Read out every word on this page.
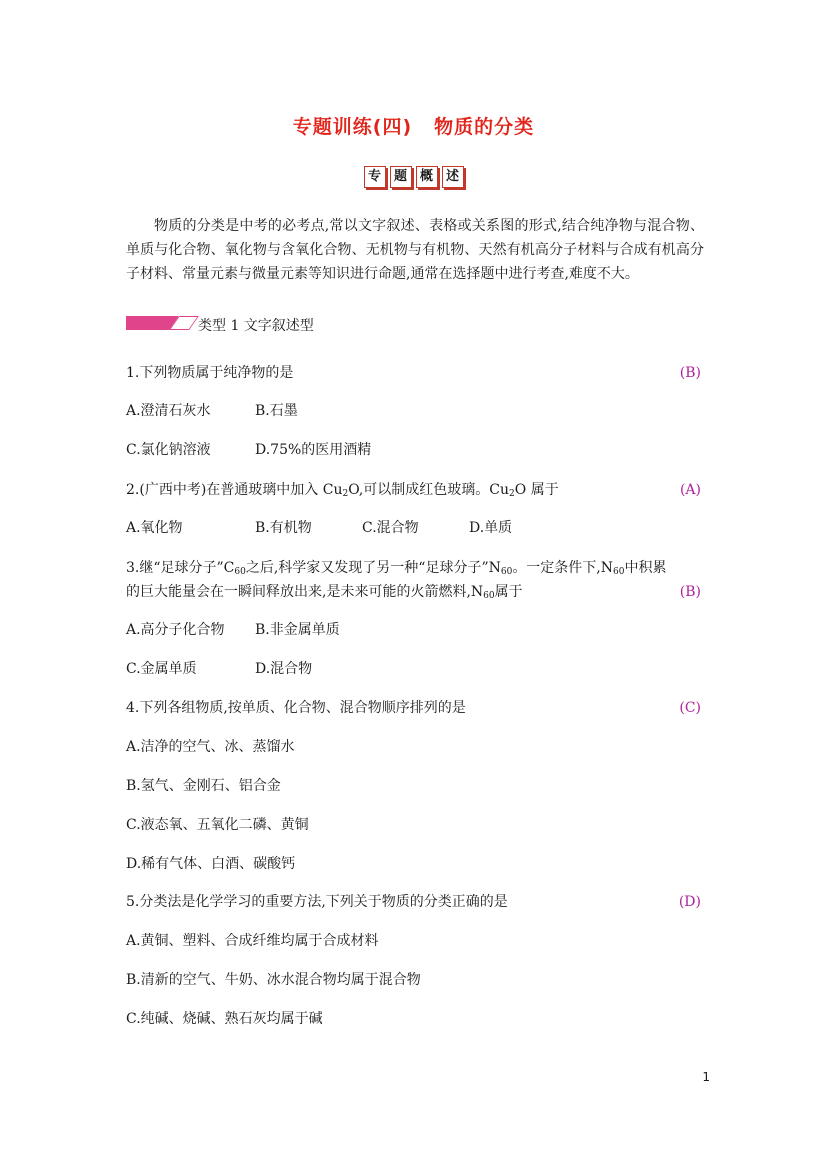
专题训练(四) 物质的分类
专 题 概 述
物质的分类是中考的必考点,常以文字叙述、表格或关系图的形式,结合纯净物与混合物、单质与化合物、氧化物与含氧化合物、无机物与有机物、天然有机高分子材料与合成有机高分子材料、常量元素与微量元素等知识进行命题,通常在选择题中进行考查,难度不大。
类型 1 文字叙述型
1.下列物质属于纯净物的是	(B)
A.澄清石灰水	B.石墨
C.氯化钠溶液	D.75%的医用酒精
2.(广西中考)在普通玻璃中加入 $Cu_2O$,可以制成红色玻璃。$Cu_2O$ 属于	(A)
A.氧化物	B.有机物	C.混合物	D.单质
3.继“足球分子$”C_{60}$之后,科学家又发现了另一种“足球分子$”N_{60}$。一定条件下$,N_{60}$中积累
的巨大能量会在一瞬间释放出来,是未来可能的火箭燃料$,N_{60}$属于	(B)
A.高分子化合物 B.非金属单质
C.金属单质	D.混合物
4.下列各组物质,按单质、化合物、混合物顺序排列的是	(C)
A.洁净的空气、冰、蒸馏水
B.氢气、金刚石、铝合金
C.液态氧、五氧化二磷、黄铜
D.稀有气体、白酒、碳酸钙
5.分类法是化学学习的重要方法,下列关于物质的分类正确的是	(D)
A.黄铜、塑料、合成纤维均属于合成材料
B.清新的空气、牛奶、冰水混合物均属于混合物
C.纯碱、烧碱、熟石灰均属于碱
1
